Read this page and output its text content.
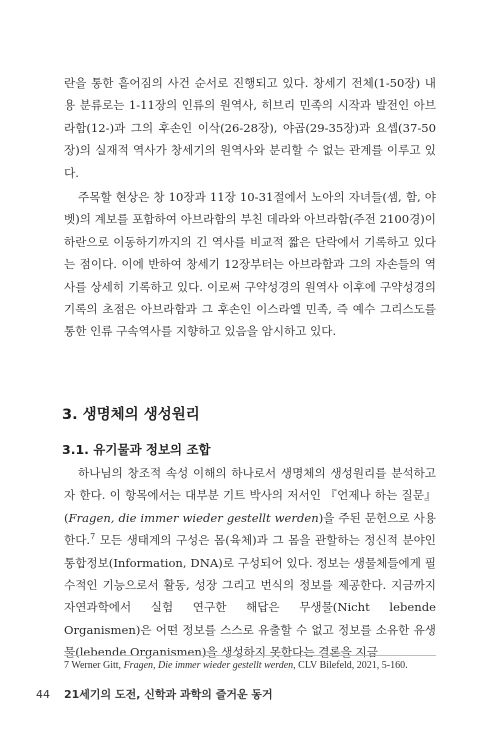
란을 통한 흩어짐의 사건 순서로 진행되고 있다. 창세기 전체(1-50장) 내용 분류로는 1-11장의 인류의 원역사, 히브리 민족의 시작과 발전인 아브라함(12-)과 그의 후손인 이삭(26-28장), 야곱(29-35장)과 요셉(37-50장)의 실재적 역사가 창세기의 원역사와 분리할 수 없는 관계를 이루고 있다.

주목할 현상은 창 10장과 11장 10-31절에서 노아의 자녀들(셈, 함, 야벳)의 계보를 포함하여 아브라함의 부친 데라와 아브라함(주전 2100경)이 하란으로 이동하기까지의 긴 역사를 비교적 짧은 단락에서 기록하고 있다는 점이다. 이에 반하여 창세기 12장부터는 아브라함과 그의 자손들의 역사를 상세히 기록하고 있다. 이로써 구약성경의 원역사 이후에 구약성경의 기록의 초점은 아브라함과 그 후손인 이스라엘 민족, 즉 예수 그리스도를 통한 인류 구속역사를 지향하고 있음을 암시하고 있다.

3. 생명체의 생성원리
3.1. 유기물과 정보의 조합

하나님의 창조적 속성 이해의 하나로서 생명체의 생성원리를 분석하고자 한다. 이 항목에서는 대부분 기트 박사의 저서인 『언제나 하는 질문』(Fragen, die immer wieder gestellt werden)을 주된 문헌으로 사용한다.$^7$ 모든 생태계의 구성은 몸(육체)과 그 몸을 관할하는 정신적 분야인 통합정보(Information, DNA)로 구성되어 있다. 정보는 생물체들에게 필수적인 기능으로서 활동, 성장 그리고 번식의 정보를 제공한다. 지금까지 자연과학에서 실험 연구한 해답은 무생물(Nicht lebende Organismen)은 어떤 정보를 스스로 유출할 수 없고 정보를 소유한 유생물(lebende Organismen)을 생성하지 못한다는 결론을 지금

7 Werner Gitt, Fragen, Die immer wieder gestellt werden, CLV Bilefeld, 2021, 5-160.

44 21세기의 도전, 신학과 과학의 즐거운 동거
